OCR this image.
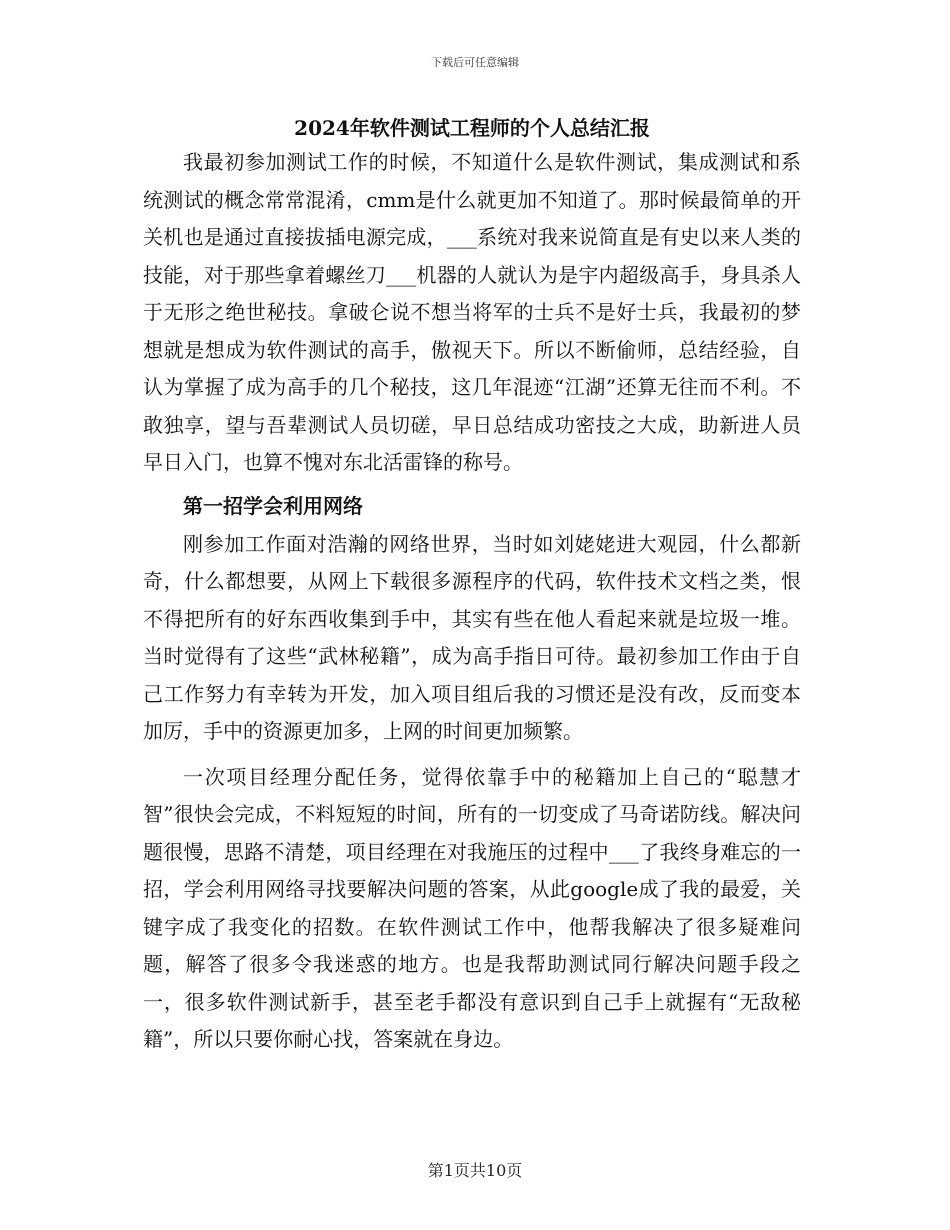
下载后可任意编辑
2024年软件测试工程师的个人总结汇报

我最初参加测试工作的时候，不知道什么是软件测试，集成测试和系统测试的概念常常混淆，cmm是什么就更加不知道了。那时候最简单的开关机也是通过直接拔插电源完成，___系统对我来说简直是有史以来人类的技能，对于那些拿着螺丝刀___机器的人就认为是宇内超级高手，身具杀人于无形之绝世秘技。拿破仑说不想当将军的士兵不是好士兵，我最初的梦想就是想成为软件测试的高手，傲视天下。所以不断偷师，总结经验，自认为掌握了成为高手的几个秘技，这几年混迹“江湖”还算无往而不利。不敢独享，望与吾辈测试人员切磋，早日总结成功密技之大成，助新进人员早日入门，也算不愧对东北活雷锋的称号。

第一招学会利用网络

刚参加工作面对浩瀚的网络世界，当时如刘姥姥进大观园，什么都新奇，什么都想要，从网上下载很多源程序的代码，软件技术文档之类，恨不得把所有的好东西收集到手中，其实有些在他人看起来就是垃圾一堆。当时觉得有了这些“武林秘籍”，成为高手指日可待。最初参加工作由于自己工作努力有幸转为开发，加入项目组后我的习惯还是没有改，反而变本加厉，手中的资源更加多，上网的时间更加频繁。

一次项目经理分配任务，觉得依靠手中的秘籍加上自己的“聪慧才智”很快会完成，不料短短的时间，所有的一切变成了马奇诺防线。解决问题很慢，思路不清楚，项目经理在对我施压的过程中___了我终身难忘的一招，学会利用网络寻找要解决问题的答案，从此google成了我的最爱，关键字成了我变化的招数。在软件测试工作中，他帮我解决了很多疑难问题，解答了很多令我迷惑的地方。也是我帮助测试同行解决问题手段之一，很多软件测试新手，甚至老手都没有意识到自己手上就握有“无敌秘籍”，所以只要你耐心找，答案就在身边。

第1页共10页
